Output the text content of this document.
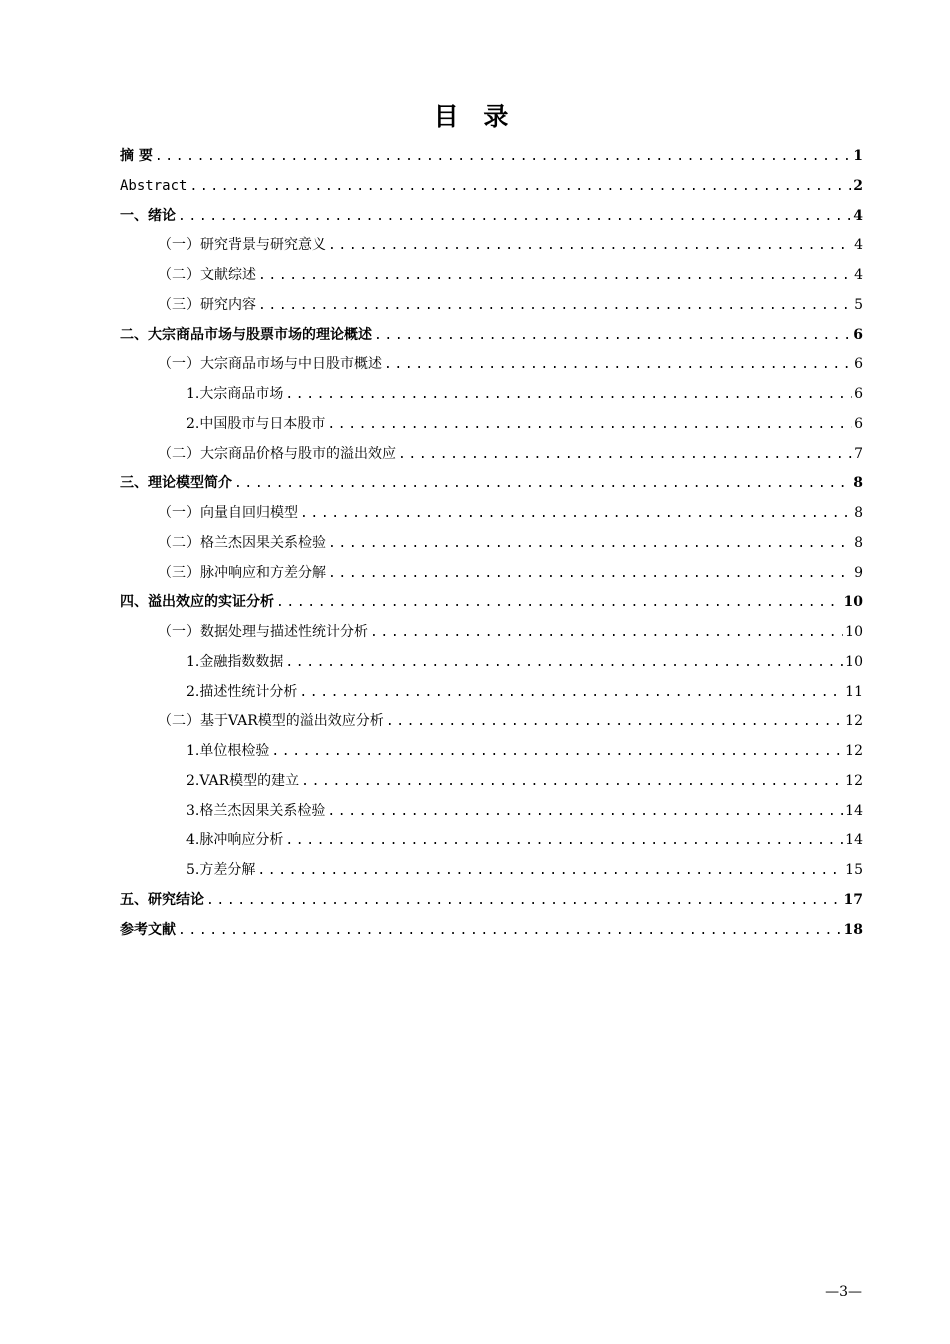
目 录
摘 要 .....	1
Abstract .....	2
一、绪论 .....	4
（一）研究背景与研究意义 .....	4
（二）文献综述 .....	4
（三）研究内容 .....	5
二、大宗商品市场与股票市场的理论概述 .....	6
（一）大宗商品市场与中日股市概述 .....	6
1.大宗商品市场 .....	6
2.中国股市与日本股市 .....	6
（二）大宗商品价格与股市的溢出效应 .....	7
三、理论模型简介 .....	8
（一）向量自回归模型 .....	8
（二）格兰杰因果关系检验 .....	8
（三）脉冲响应和方差分解 .....	9
四、溢出效应的实证分析 .....	10
（一）数据处理与描述性统计分析 .....	10
1.金融指数数据 .....	10
2.描述性统计分析 .....	11
（二）基于VAR模型的溢出效应分析 .....	12
1.单位根检验 .....	12
2.VAR模型的建立 .....	12
3.格兰杰因果关系检验 .....	14
4.脉冲响应分析 .....	14
5.方差分解 .....	15
五、研究结论 .....	17
参考文献 .....	18
—3—
